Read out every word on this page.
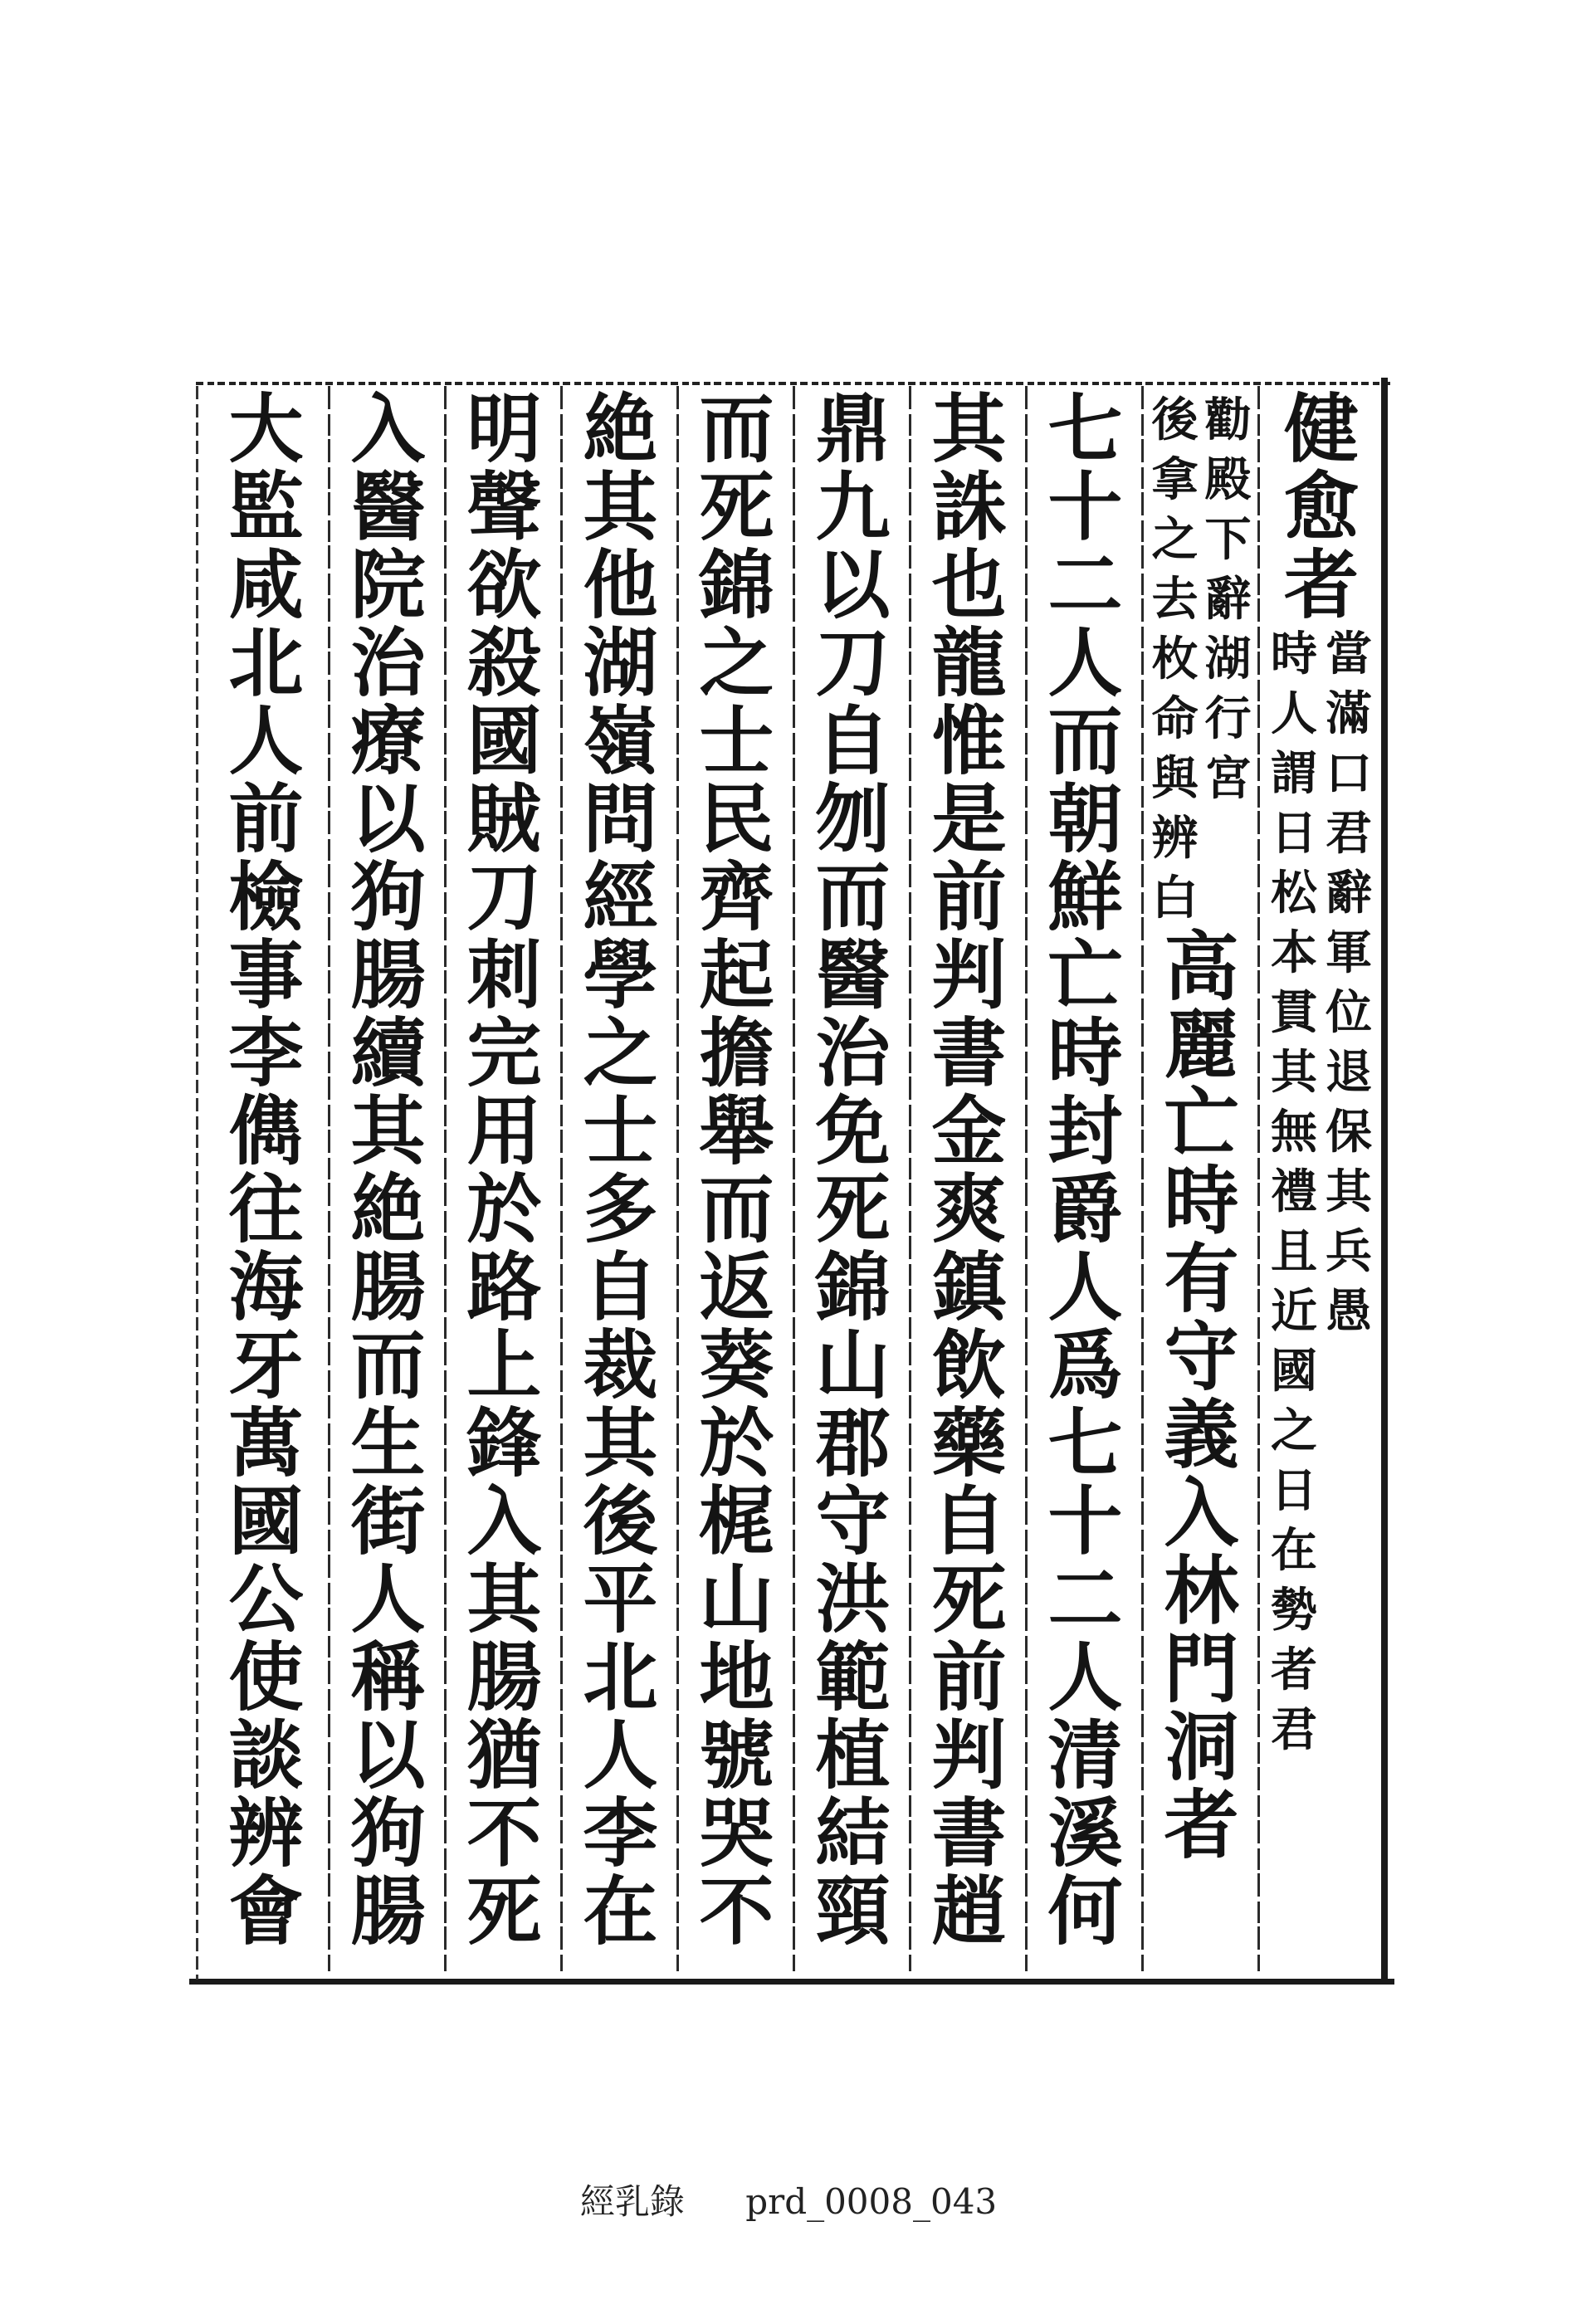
健
愈
者
當
滿
口
君
辭
軍
位
退
保
其
兵
愚
時
人
謂
日
松
本
貫
其
無
禮
且
近
國
之
日
在
勢
者
君
勸
殿
下
辭
湖
行
宮
後
拿
之
去
枚
命
與
辨
白
高
麗
亡
時
有
守
義
入
林
門
洞
者
七
十
二
人
而
朝
鮮
亡
時
封
爵
人
爲
七
十
二
人
清
溪
何
其
誅
也
龍
惟
是
前
判
書
金
爽
鎮
飲
藥
自
死
前
判
書
趙
鼎
九
以
刀
自
刎
而
醫
治
免
死
錦
山
郡
守
洪
範
植
結
頸
而
死
錦
之
士
民
齊
起
擔
舉
而
返
葵
於
梶
山
地
號
哭
不
絶
其
他
湖
嶺
問
經
學
之
士
多
自
裁
其
後
平
北
人
李
在
明
聲
欲
殺
國
賊
刀
刺
完
用
於
路
上
鋒
入
其
腸
猶
不
死
入
醫
院
治
療
以
狗
腸
續
其
絶
腸
而
生
街
人
稱
以
狗
腸
大
監
咸
北
人
前
檢
事
李
儁
往
海
牙
萬
國
公
使
談
辨
會
經乳錄 prd_0008_043
